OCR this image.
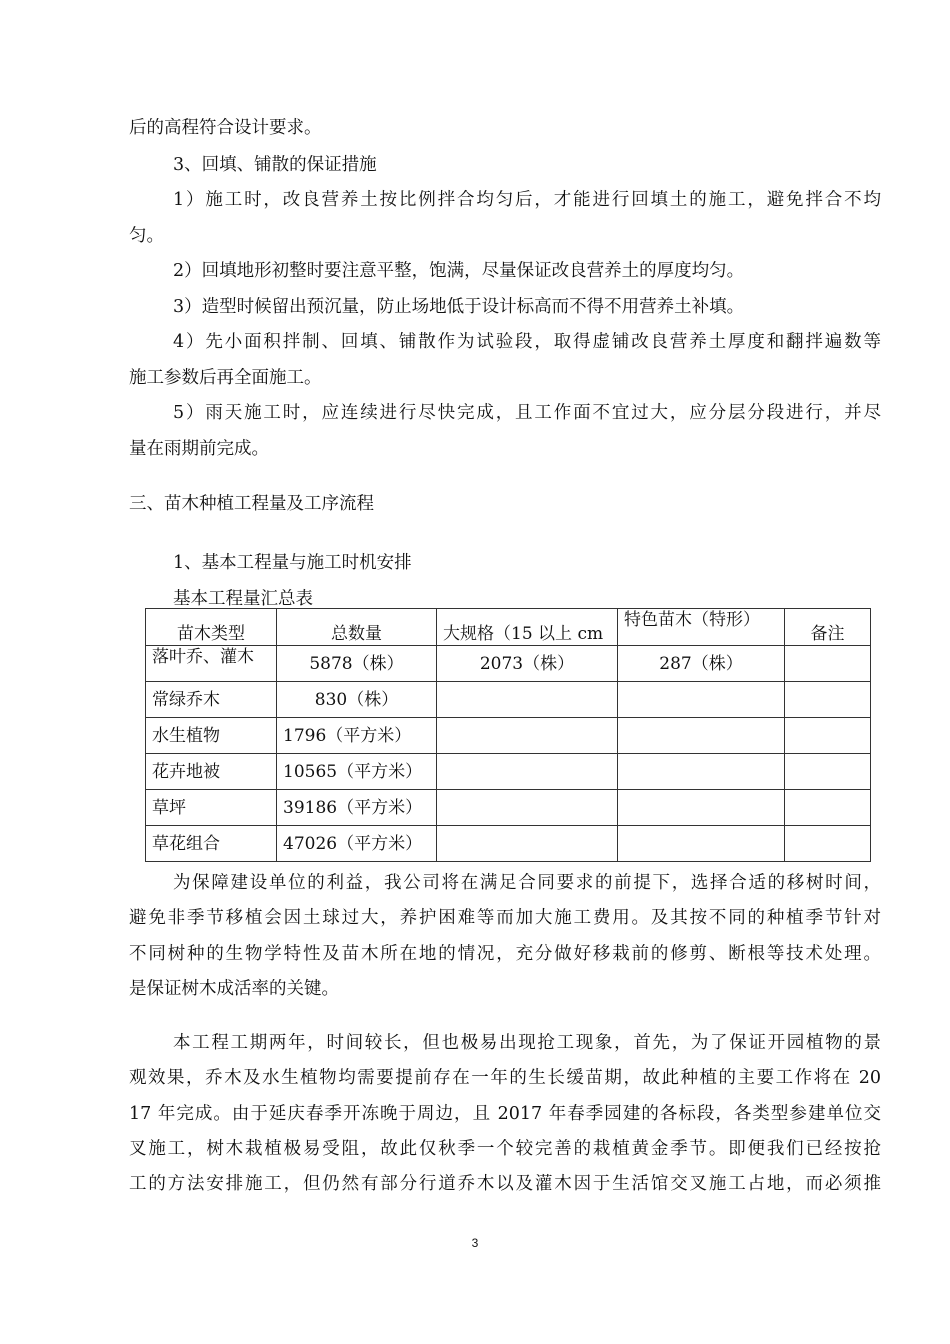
后的高程符合设计要求。
3、回填、铺散的保证措施
1）施工时，改良营养土按比例拌合均匀后，才能进行回填土的施工，避免拌合不均
匀。
2）回填地形初整时要注意平整，饱满，尽量保证改良营养土的厚度均匀。
3）造型时候留出预沉量，防止场地低于设计标高而不得不用营养土补填。
4）先小面积拌制、回填、铺散作为试验段，取得虚铺改良营养土厚度和翻拌遍数等
施工参数后再全面施工。
5）雨天施工时，应连续进行尽快完成，且工作面不宜过大，应分层分段进行，并尽
量在雨期前完成。
三、苗木种植工程量及工序流程
1、基本工程量与施工时机安排
基本工程量汇总表
苗木类型	总数量	大规格（15 以上 cm	特色苗木（特形）	备注

落叶乔、灌木	5878（株）	2073（株）	287（株）	

常绿乔木	830（株）			

水生植物	1796（平方米）			

花卉地被	10565（平方米）			

草坪	39186（平方米）			

草花组合	47026（平方米）			

为保障建设单位的利益，我公司将在满足合同要求的前提下，选择合适的移树时间，
避免非季节移植会因土球过大，养护困难等而加大施工费用。及其按不同的种植季节针对
不同树种的生物学特性及苗木所在地的情况，充分做好移栽前的修剪、断根等技术处理。
是保证树木成活率的关键。
本工程工期两年，时间较长，但也极易出现抢工现象，首先，为了保证开园植物的景
观效果，乔木及水生植物均需要提前存在一年的生长缓苗期，故此种植的主要工作将在 20
17 年完成。由于延庆春季开冻晚于周边，且 2017 年春季园建的各标段，各类型参建单位交
叉施工，树木栽植极易受阻，故此仅秋季一个较完善的栽植黄金季节。即便我们已经按抢
工的方法安排施工，但仍然有部分行道乔木以及灌木因于生活馆交叉施工占地，而必须推
3
